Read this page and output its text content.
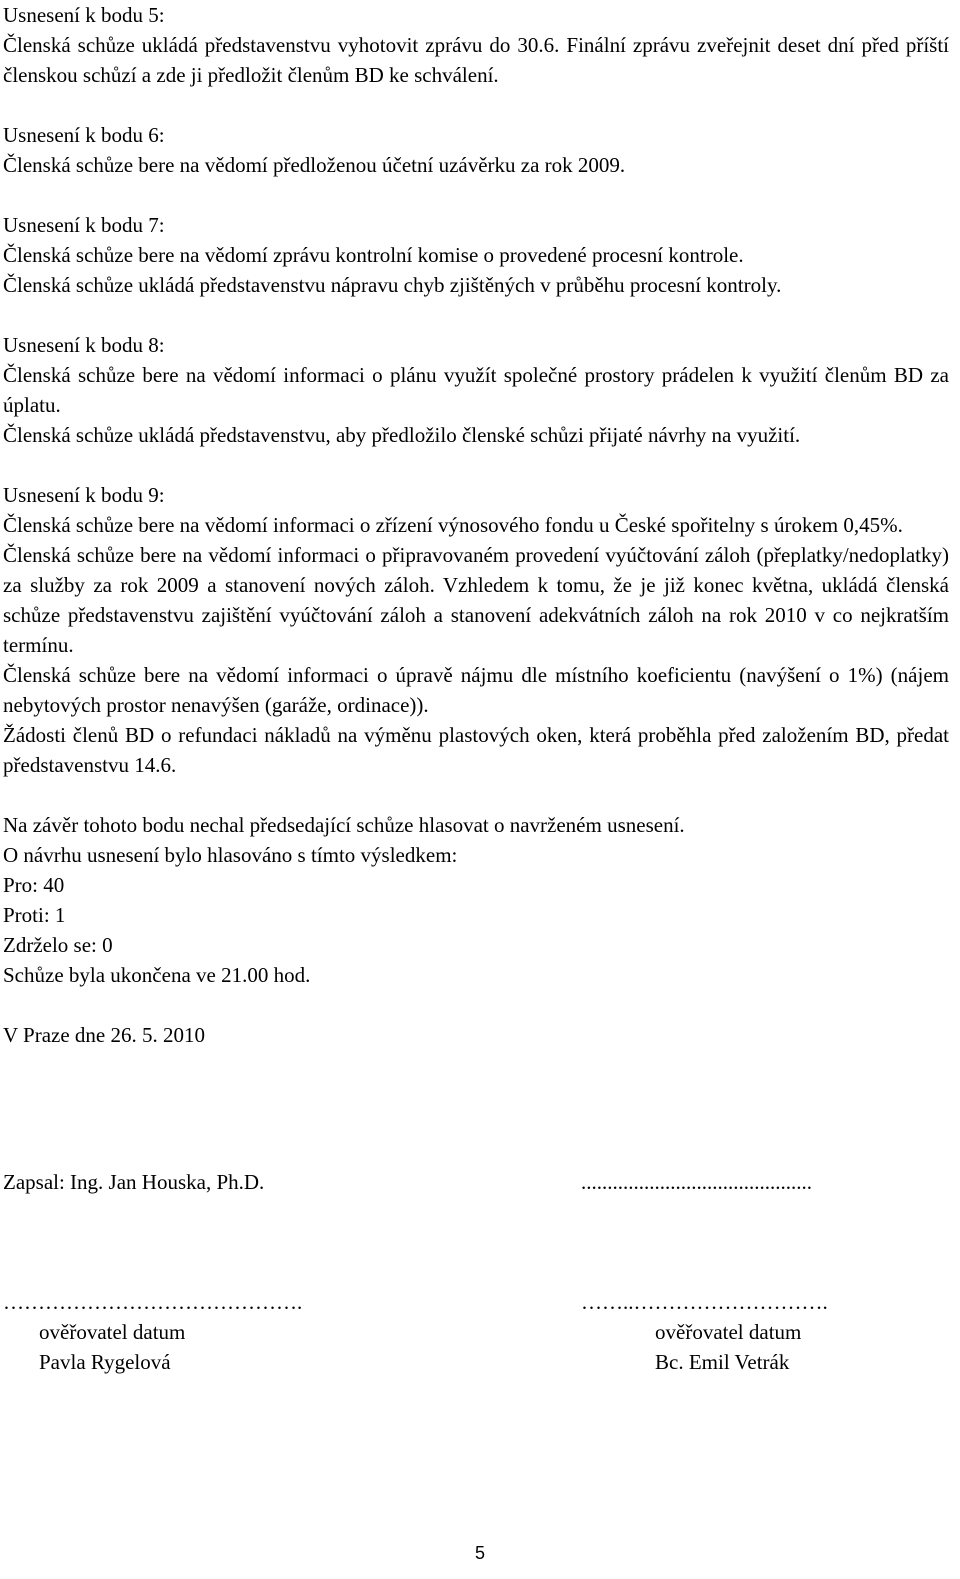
Usnesení k bodu 5:

Členská schůze ukládá představenstvu vyhotovit zprávu do 30.6. Finální zprávu zveřejnit deset dní před příští členskou schůzí a zde ji předložit členům BD ke schválení.

Usnesení k bodu 6:

Členská schůze bere na vědomí předloženou účetní uzávěrku za rok 2009.

Usnesení k bodu 7:

Členská schůze bere na vědomí zprávu kontrolní komise o provedené procesní kontrole.

Členská schůze ukládá představenstvu nápravu chyb zjištěných v průběhu procesní kontroly.

Usnesení k bodu 8:

Členská schůze bere na vědomí informaci o plánu využít společné prostory prádelen k využití členům BD za úplatu.

Členská schůze ukládá představenstvu, aby předložilo členské schůzi přijaté návrhy na využití.

Usnesení k bodu 9:

Členská schůze bere na vědomí informaci o zřízení výnosového fondu u České spořitelny s úrokem 0,45%.

Členská schůze bere na vědomí informaci o připravovaném provedení vyúčtování záloh (přeplatky/nedoplatky) za služby za rok 2009 a stanovení nových záloh. Vzhledem k tomu, že je již konec května, ukládá členská schůze představenstvu zajištění vyúčtování záloh a stanovení adekvátních záloh na rok 2010 v co nejkratším termínu.

Členská schůze bere na vědomí informaci o úpravě nájmu dle místního koeficientu (navýšení o 1%) (nájem nebytových prostor nenavýšen (garáže, ordinace)).

Žádosti členů BD o refundaci nákladů na výměnu plastových oken, která proběhla před založením BD, předat představenstvu 14.6.

Na závěr tohoto bodu nechal předsedající schůze hlasovat o navrženém usnesení.

O návrhu usnesení bylo hlasováno s tímto výsledkem:

Pro: 40

Proti: 1

Zdrželo se: 0

Schůze byla ukončena ve 21.00 hod.

V Praze dne 26. 5. 2010

Zapsal: Ing. Jan Houska, Ph.D.	............................................
…………………………………….
ověřovatel datum
Pavla Rygelová
……..……………………….
ověřovatel datum
Bc. Emil Vetrák
5
